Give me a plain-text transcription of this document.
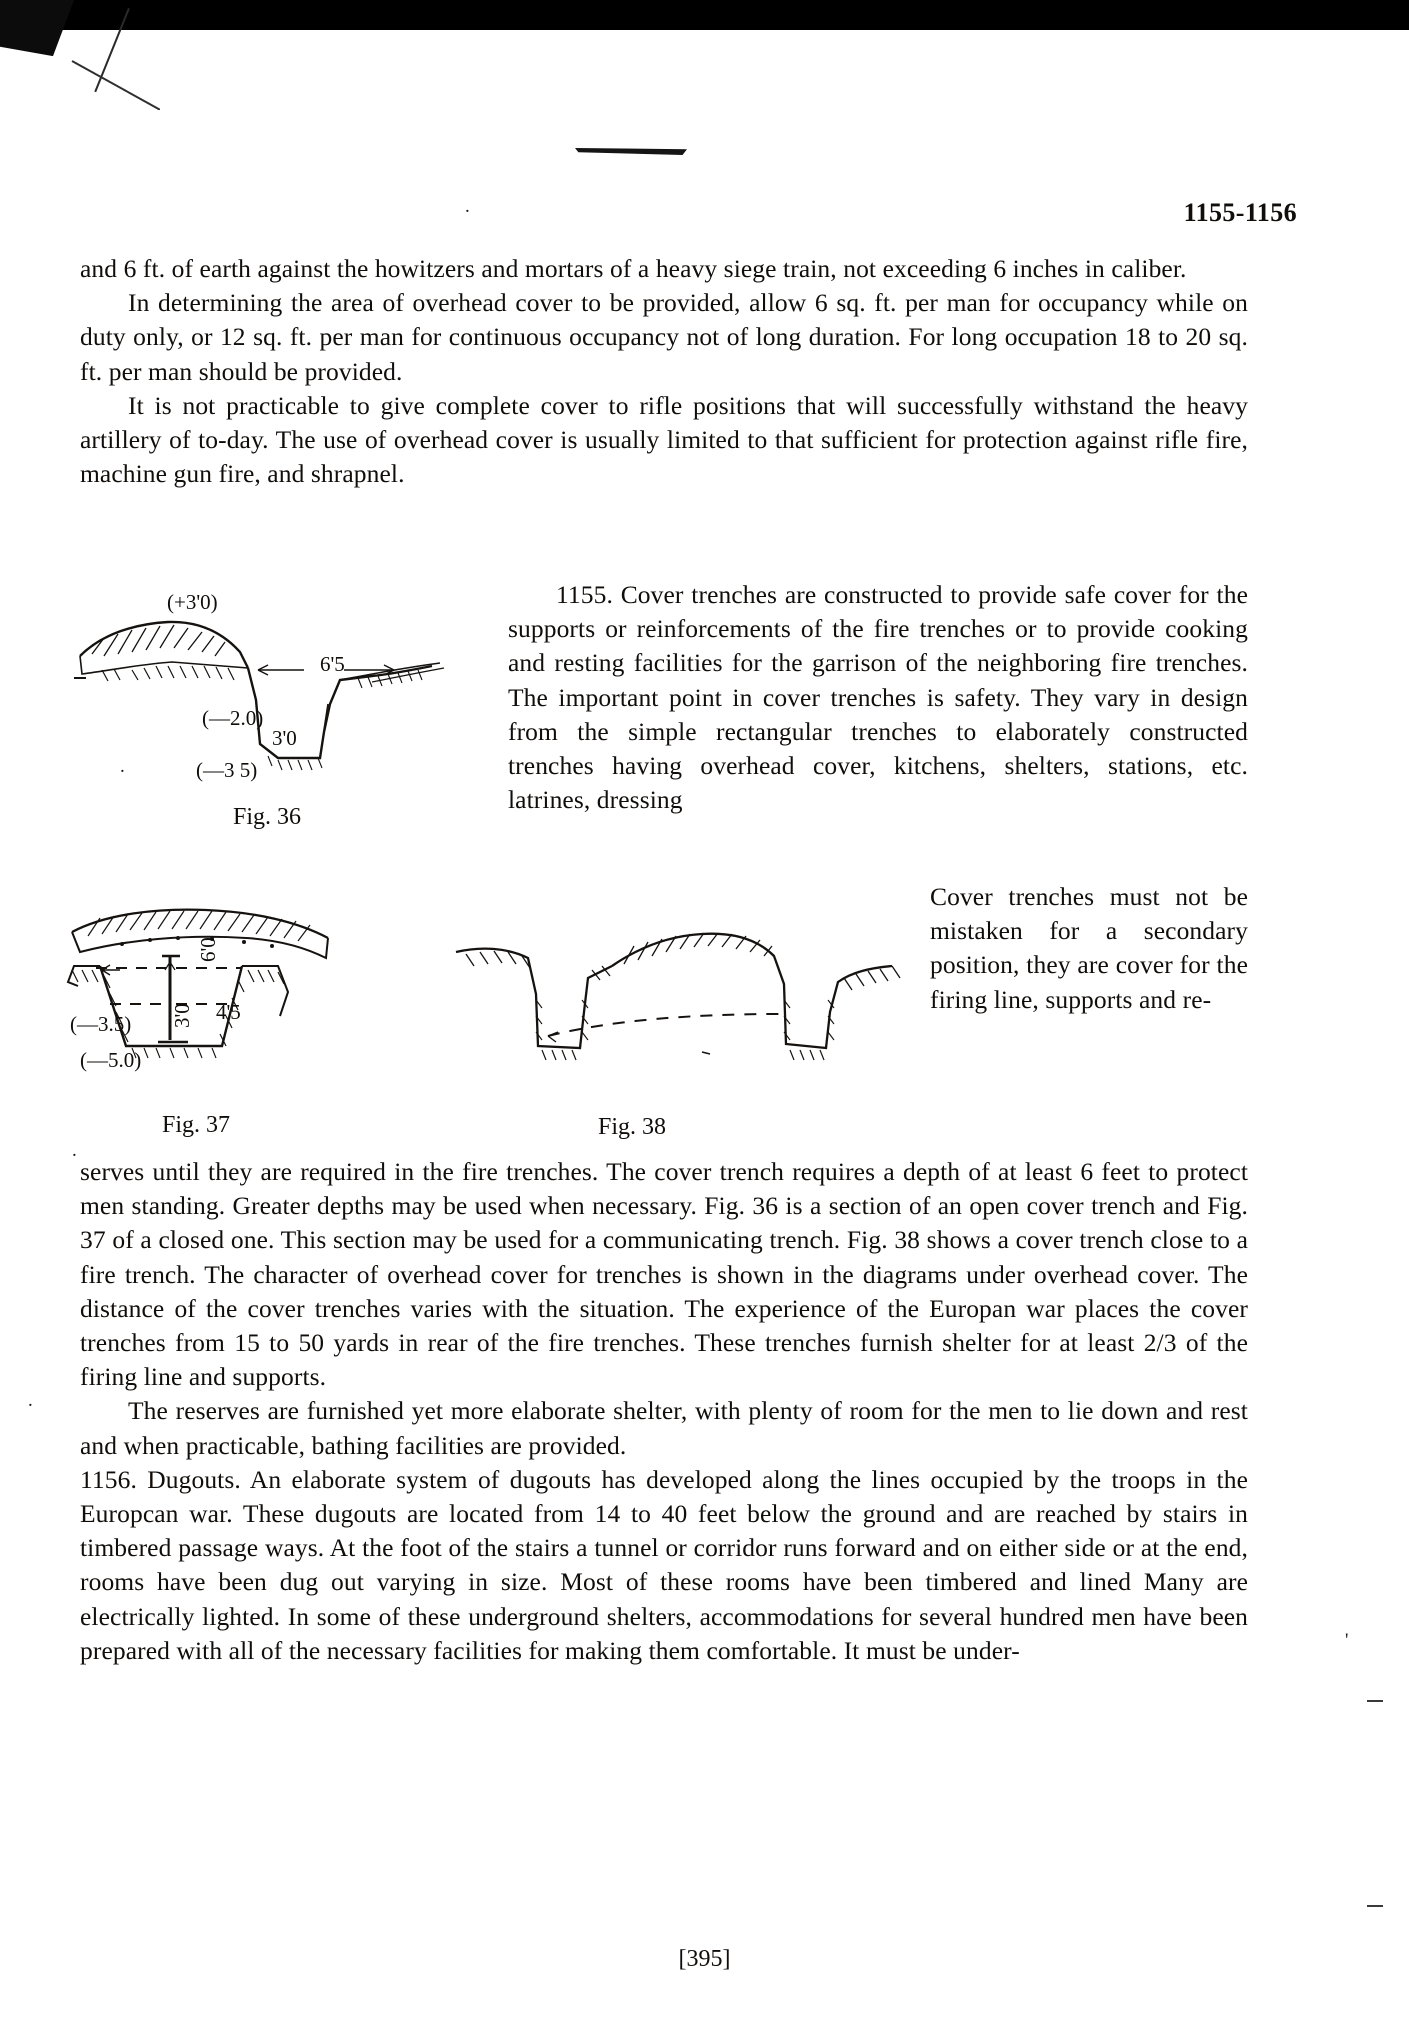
.
.
.
.
'
1155-1156
and 6 ft. of earth against the howitzers and mortars of a heavy siege train, not exceeding 6 inches in caliber.
In determining the area of overhead cover to be provided, allow 6 sq. ft. per man for occupancy while on duty only, or 12 sq. ft. per man for continuous occupancy not of long duration. For long occupation 18 to 20 sq. ft. per man should be provided.
It is not practicable to give complete cover to rifle positions that will successfully withstand the heavy artillery of to-day. The use of overhead cover is usually limited to that sufficient for protection against rifle fire, machine gun fire, and shrapnel.
1155. Cover trenches are constructed to provide safe cover for the supports or reinforcements of the fire trenches or to provide cooking and resting facilities for the garrison of the neighboring fire trenches. The important point in cover trenches is safety. They vary in design from the simple rectangular trenches to elaborately constructed trenches having overhead cover, kitchens, shelters, stations, etc. latrines, dressing
Cover trenches must not be mistaken for a secondary position, they are cover for the firing line, supports and re-
serves until they are required in the fire trenches. The cover trench requires a depth of at least 6 feet to protect men standing. Greater depths may be used when necessary. Fig. 36 is a section of an open cover trench and Fig. 37 of a closed one. This section may be used for a communicating trench. Fig. 38 shows a cover trench close to a fire trench. The character of overhead cover for trenches is shown in the diagrams under overhead cover. The distance of the cover trenches varies with the situation. The experience of the Europan war places the cover trenches from 15 to 50 yards in rear of the fire trenches. These trenches furnish shelter for at least 2/3 of the firing line and supports.
The reserves are furnished yet more elaborate shelter, with plenty of room for the men to lie down and rest and when practicable, bathing facilities are provided.
1156. Dugouts. An elaborate system of dugouts has developed along the lines occupied by the troops in the Europcan war. These dugouts are located from 14 to 40 feet below the ground and are reached by stairs in timbered passage ways. At the foot of the stairs a tunnel or corridor runs forward and on either side or at the end, rooms have been dug out varying in size. Most of these rooms have been timbered and lined Many are electrically lighted. In some of these underground shelters, accommodations for several hundred men have been prepared with all of the necessary facilities for making them comfortable. It must be under-
(+3'0)
6'5
(—2.0)
3'0
(—3 5)
Fig. 36
6'0
4'5
(—3.5) 3'0
(—5.0)
Fig. 37	Fig. 38
[395]
